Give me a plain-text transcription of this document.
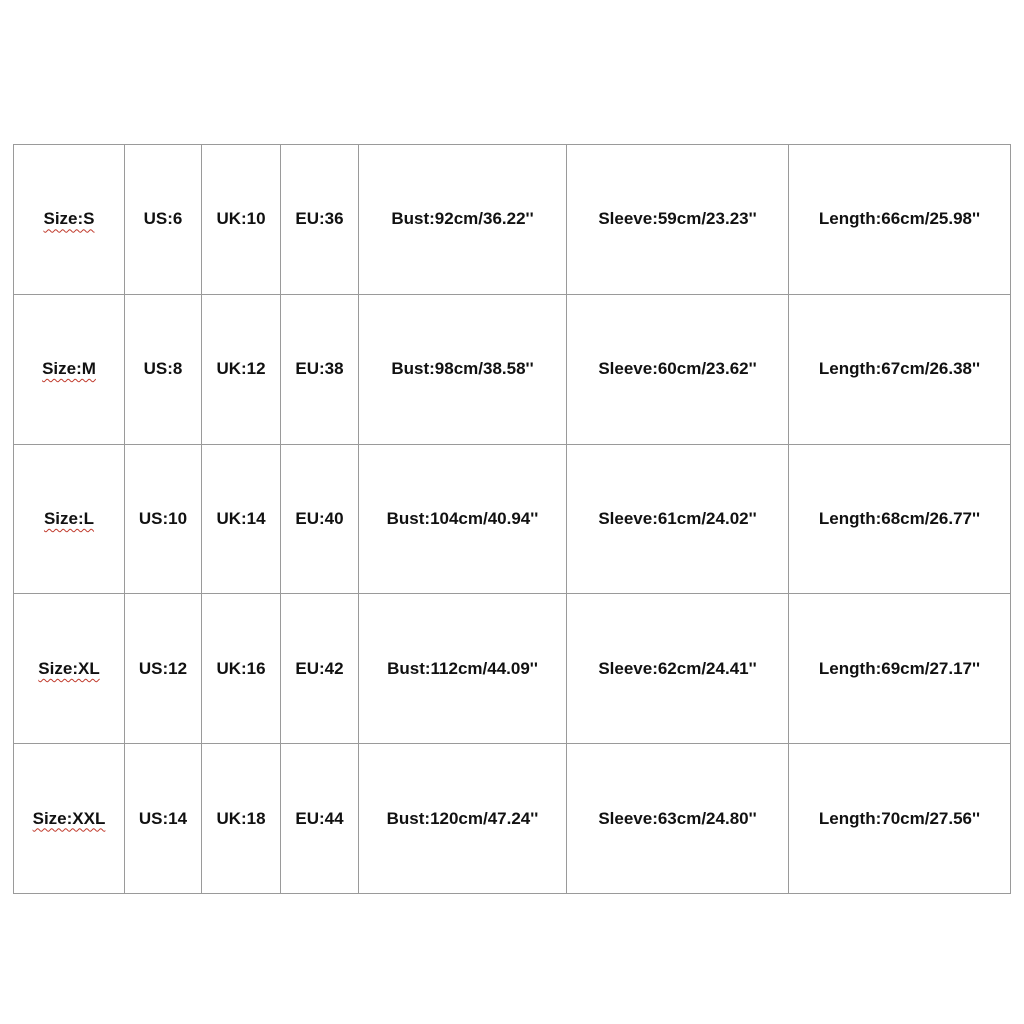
Size:S	US:6	UK:10	EU:36	Bust:92cm/36.22''	Sleeve:59cm/23.23''	Length:66cm/25.98''
Size:M	US:8	UK:12	EU:38	Bust:98cm/38.58''	Sleeve:60cm/23.62''	Length:67cm/26.38''
Size:L	US:10	UK:14	EU:40	Bust:104cm/40.94''	Sleeve:61cm/24.02''	Length:68cm/26.77''
Size:XL	US:12	UK:16	EU:42	Bust:112cm/44.09''	Sleeve:62cm/24.41''	Length:69cm/27.17''
Size:XXL	US:14	UK:18	EU:44	Bust:120cm/47.24''	Sleeve:63cm/24.80''	Length:70cm/27.56''
